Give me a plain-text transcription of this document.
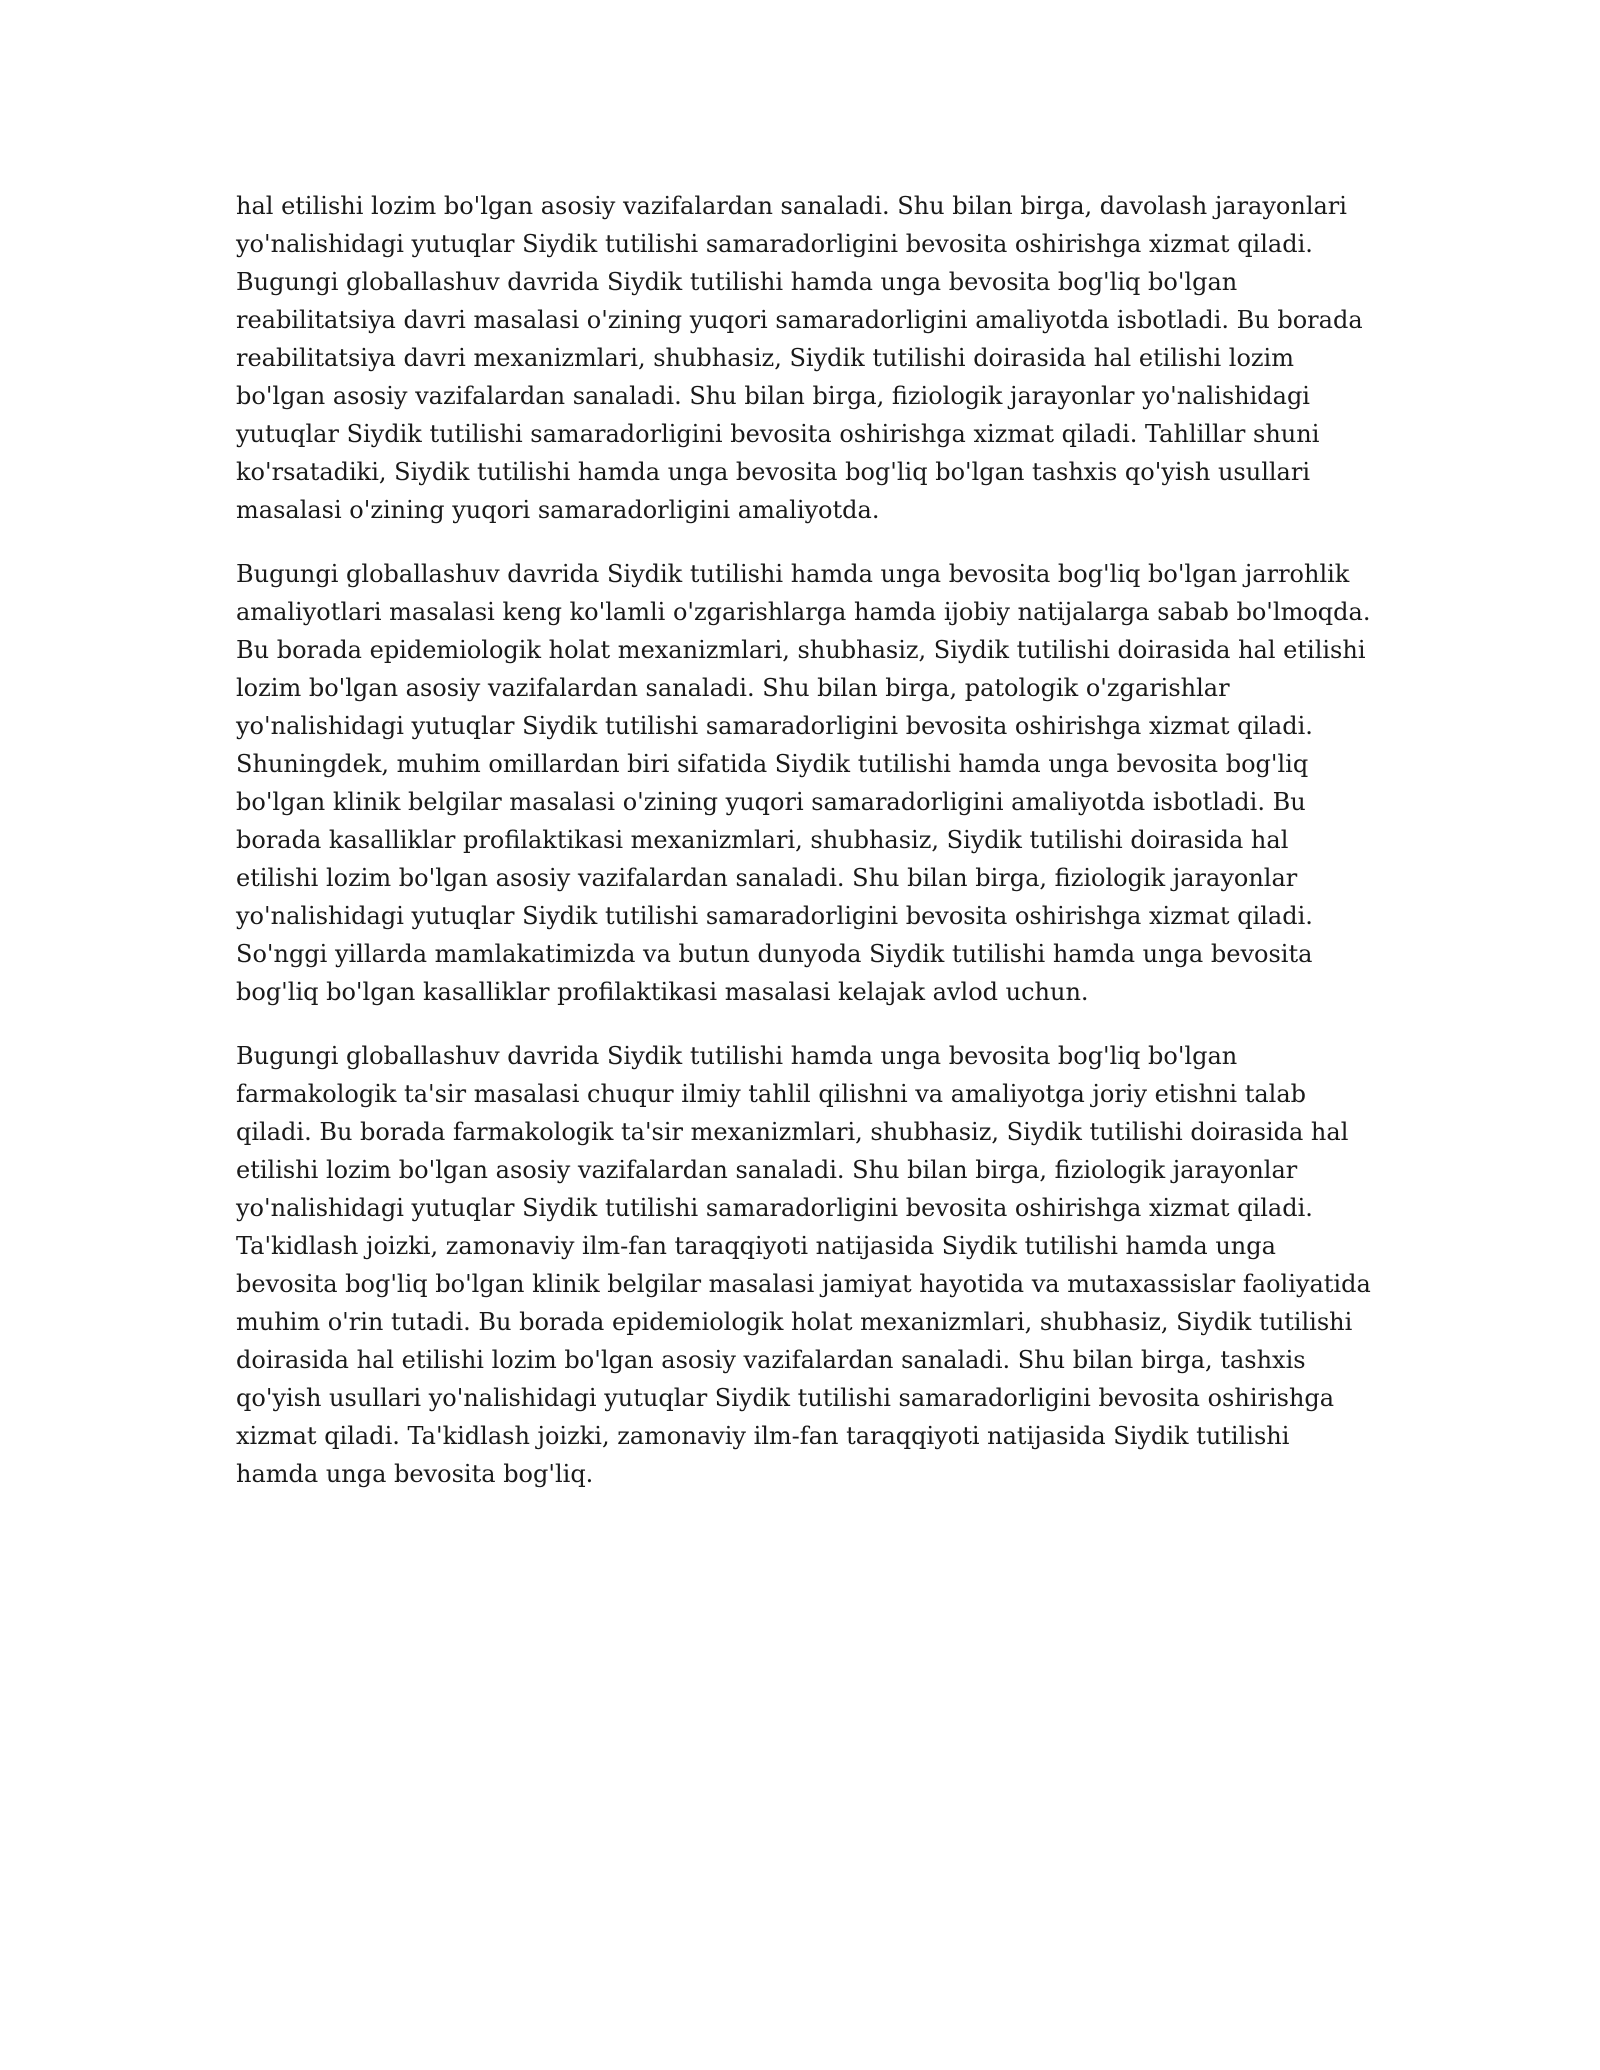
hal etilishi lozim bo'lgan asosiy vazifalardan sanaladi. Shu bilan birga, davolash jarayonlari yo'nalishidagi yutuqlar Siydik tutilishi samaradorligini bevosita oshirishga xizmat qiladi. Bugungi globallashuv davrida Siydik tutilishi hamda unga bevosita bog'liq bo'lgan reabilitatsiya davri masalasi o'zining yuqori samaradorligini amaliyotda isbotladi. Bu borada reabilitatsiya davri mexanizmlari, shubhasiz, Siydik tutilishi doirasida hal etilishi lozim bo'lgan asosiy vazifalardan sanaladi. Shu bilan birga, fiziologik jarayonlar yo'nalishidagi yutuqlar Siydik tutilishi samaradorligini bevosita oshirishga xizmat qiladi. Tahlillar shuni ko'rsatadiki, Siydik tutilishi hamda unga bevosita bog'liq bo'lgan tashxis qo'yish usullari masalasi o'zining yuqori samaradorligini amaliyotda.

Bugungi globallashuv davrida Siydik tutilishi hamda unga bevosita bog'liq bo'lgan jarrohlik amaliyotlari masalasi keng ko'lamli o'zgarishlarga hamda ijobiy natijalarga sabab bo'lmoqda. Bu borada epidemiologik holat mexanizmlari, shubhasiz, Siydik tutilishi doirasida hal etilishi lozim bo'lgan asosiy vazifalardan sanaladi. Shu bilan birga, patologik o'zgarishlar yo'nalishidagi yutuqlar Siydik tutilishi samaradorligini bevosita oshirishga xizmat qiladi. Shuningdek, muhim omillardan biri sifatida Siydik tutilishi hamda unga bevosita bog'liq bo'lgan klinik belgilar masalasi o'zining yuqori samaradorligini amaliyotda isbotladi. Bu borada kasalliklar profilaktikasi mexanizmlari, shubhasiz, Siydik tutilishi doirasida hal etilishi lozim bo'lgan asosiy vazifalardan sanaladi. Shu bilan birga, fiziologik jarayonlar yo'nalishidagi yutuqlar Siydik tutilishi samaradorligini bevosita oshirishga xizmat qiladi. So'nggi yillarda mamlakatimizda va butun dunyoda Siydik tutilishi hamda unga bevosita bog'liq bo'lgan kasalliklar profilaktikasi masalasi kelajak avlod uchun.

Bugungi globallashuv davrida Siydik tutilishi hamda unga bevosita bog'liq bo'lgan farmakologik ta'sir masalasi chuqur ilmiy tahlil qilishni va amaliyotga joriy etishni talab qiladi. Bu borada farmakologik ta'sir mexanizmlari, shubhasiz, Siydik tutilishi doirasida hal etilishi lozim bo'lgan asosiy vazifalardan sanaladi. Shu bilan birga, fiziologik jarayonlar yo'nalishidagi yutuqlar Siydik tutilishi samaradorligini bevosita oshirishga xizmat qiladi. Ta'kidlash joizki, zamonaviy ilm-fan taraqqiyoti natijasida Siydik tutilishi hamda unga bevosita bog'liq bo'lgan klinik belgilar masalasi jamiyat hayotida va mutaxassislar faoliyatida muhim o'rin tutadi. Bu borada epidemiologik holat mexanizmlari, shubhasiz, Siydik tutilishi doirasida hal etilishi lozim bo'lgan asosiy vazifalardan sanaladi. Shu bilan birga, tashxis qo'yish usullari yo'nalishidagi yutuqlar Siydik tutilishi samaradorligini bevosita oshirishga xizmat qiladi. Ta'kidlash joizki, zamonaviy ilm-fan taraqqiyoti natijasida Siydik tutilishi hamda unga bevosita bog'liq.
